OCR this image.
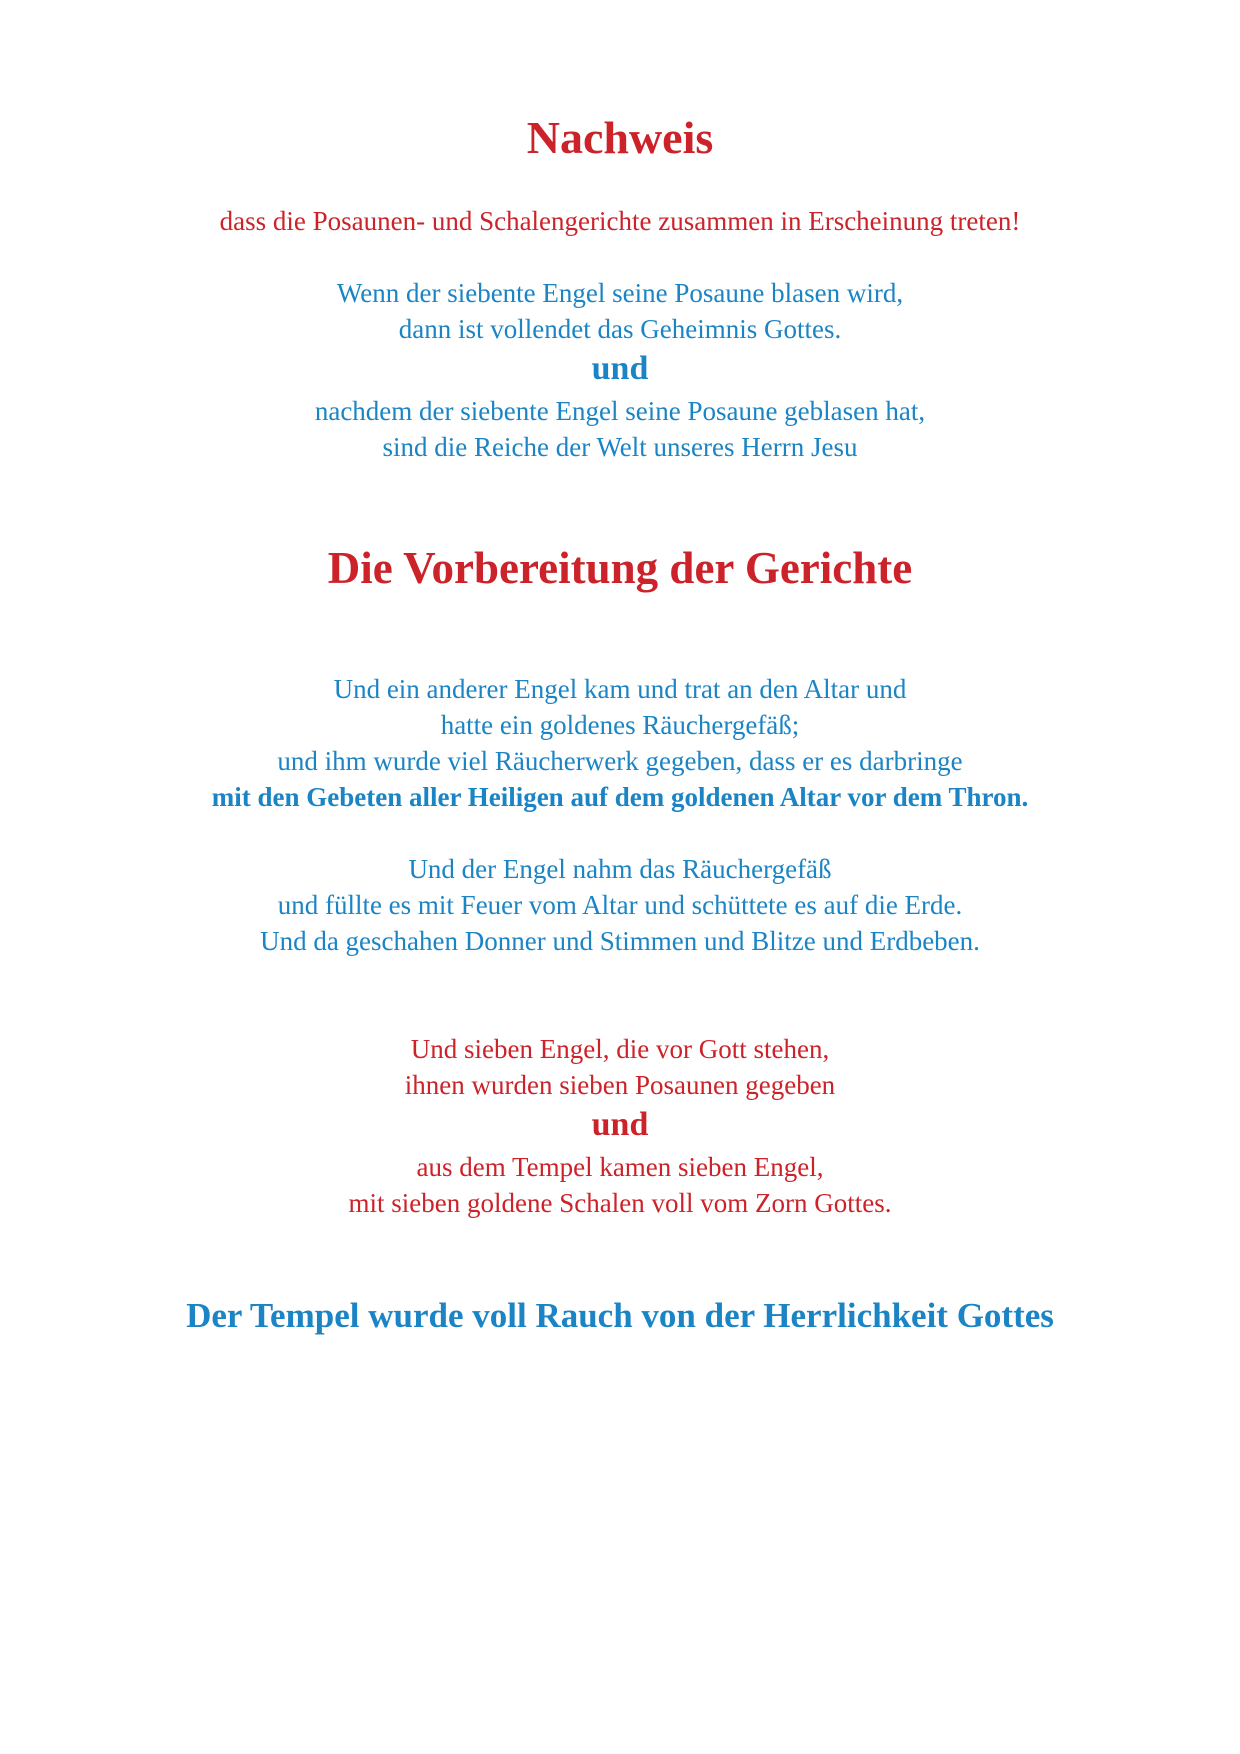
Nachweis
dass die Posaunen- und Schalengerichte zusammen in Erscheinung treten!
Wenn der siebente Engel seine Posaune blasen wird,
dann ist vollendet das Geheimnis Gottes.
und
nachdem der siebente Engel seine Posaune geblasen hat,
sind die Reiche der Welt unseres Herrn Jesu
Die Vorbereitung der Gerichte
Und ein anderer Engel kam und trat an den Altar und
hatte ein goldenes Räuchergefäß;
und ihm wurde viel Räucherwerk gegeben, dass er es darbringe
mit den Gebeten aller Heiligen auf dem goldenen Altar vor dem Thron.
Und der Engel nahm das Räuchergefäß
und füllte es mit Feuer vom Altar und schüttete es auf die Erde.
Und da geschahen Donner und Stimmen und Blitze und Erdbeben.
Und sieben Engel, die vor Gott stehen,
ihnen wurden sieben Posaunen gegeben
und
aus dem Tempel kamen sieben Engel,
mit sieben goldene Schalen voll vom Zorn Gottes.
Der Tempel wurde voll Rauch von der Herrlichkeit Gottes
